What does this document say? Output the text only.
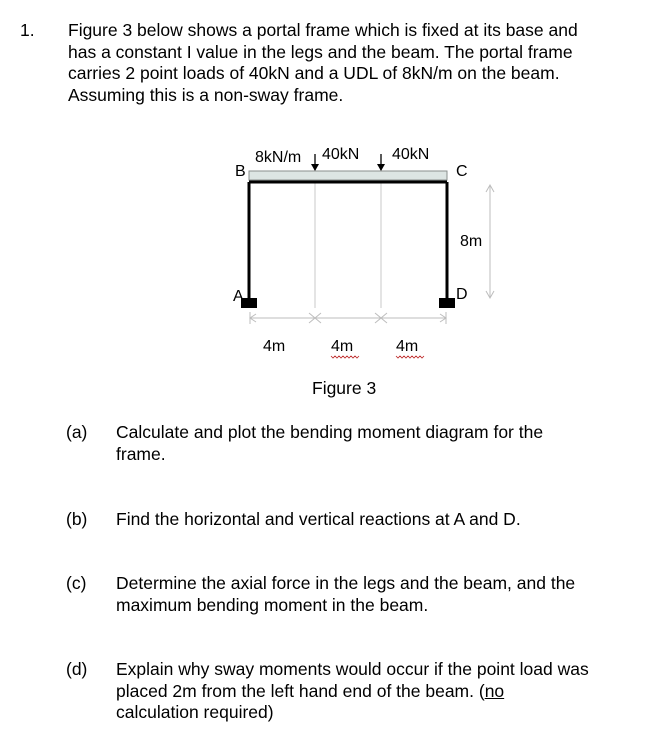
1. Figure 3 below shows a portal frame which is fixed at its base and
has a constant I value in the legs and the beam. The portal frame
carries 2 point loads of 40kN and a UDL of 8kN/m on the beam.
Assuming this is a non-sway frame.
8kN/m 40kN 40kN
B	C
A	D
8m
4m	4m	4m
Figure 3
(a) Calculate and plot the bending moment diagram for the
frame.
(b) Find the horizontal and vertical reactions at A and D.
(c) Determine the axial force in the legs and the beam, and the
maximum bending moment in the beam.
(d) Explain why sway moments would occur if the point load was
placed 2m from the left hand end of the beam. (no
calculation required)
